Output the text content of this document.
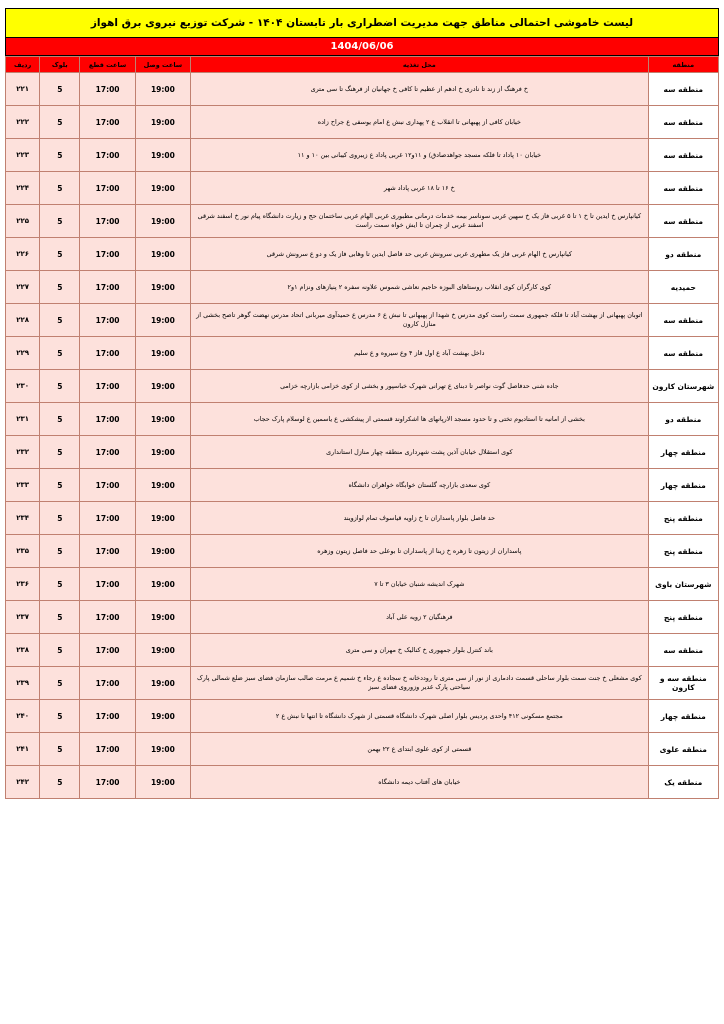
لیست خاموشی احتمالی مناطق جهت مدیریت اضطراری بار تابستان ۱۴۰۴ - شرکت توزیع نیروی برق اهواز
1404/06/06
منطقه	محل تغذیه	ساعت وصل	ساعت قطع	بلوک	ردیف
منطقه سه	خ فرهنگ از زند تا نادری خ ادهم از عظیم تا کافی خ جهانیان از فرهنگ تا سی متری	19:00	17:00	5	۲۲۱
منطقه سه	خیابان کافی از پهبهانی تا انقلاب ع ۲ پهداری نبش ع امام یوسفی ع جراح زاده	19:00	17:00	5	۲۲۲
منطقه سه	خیابان ۱۰ پاداد تا فلکه مسجد جواهدصادق) و ۱۱و۱۲ غربی پاداد ع زیبروی کیبانی بین ۱۰ و ۱۱	19:00	17:00	5	۲۲۳
منطقه سه	خ ۱۶ تا ۱۸ غربی پاداد شهر	19:00	17:00	5	۲۲۴
منطقه سه	کیانپارس خ ایدین تا خ ۱ تا ۵ غربی فاز یک خ سهین غربی سوناسر بیمه خدمات درمانی مطبوری غربی الهام غربی ساختمان حج و زیارت دانشگاه پیام نور خ اسفند شرقی اسفند غربی از چمران تا ایش خواه سمت راست	19:00	17:00	5	۲۲۵
منطقه دو	کیانپارس خ الهام غربی فاز یک مطهری غربی سرونش غربی حد فاصل ایدین تا وهابی فاز یک و دو ع سرونش شرقی	19:00	17:00	5	۲۲۶
حمیدیه	کوی کارگران کوی انقلاب روستاهای البوزه حاجیم نعاشی شموس علاونه سفره ۲ پنیازهای ونزام ۱و۲	19:00	17:00	5	۲۲۷
منطقه سه	اتوبان پهبهانی از بهشت آباد تا فلکه جمهوری سمت راست کوی مدرس خ شهدا از پهبهانی تا نبش ع ۶ مدرس ع حمیدآوی میربانی اتحاد مدرس نهضت گوهر تاصح بخشی از منازل کارون	19:00	17:00	5	۲۲۸
منطقه سه	داخل بهشت آباد ع اول فاز ۴ وع سیروه و ع سلیم	19:00	17:00	5	۲۲۹
شهرستان کارون	جاده شنی حدفاصل گوت نواصر تا دبنای ع تهرانی شهرک خباسپور و بخشی از کوی خزامی بازارچه خزامی	19:00	17:00	5	۲۳۰
منطقه دو	بخشی از امانیه تا استادیوم تختی و تا حدود مسجد الارپانهای ها اشکراوند قسمتی از پیشکشی ع یاسمین ع لوسلام پارک حجاب	19:00	17:00	5	۲۳۱
منطقه چهار	کوی استقلال خیابان آذین پشت شهرداری منطقه چهار منازل استانداری	19:00	17:00	5	۲۳۲
منطقه چهار	کوی سعدی بازارچه گلستان خوابگاه خواهران دانشگاه	19:00	17:00	5	۲۳۳
منطقه پنج	حد فاصل بلوار پاسداران تا خ زاویه قیاسوف تمام لوازویند	19:00	17:00	5	۲۳۴
منطقه پنج	پاسداران از زیتون تا زهره خ زینا از پاسداران تا بوعلی حد فاصل زیتون وزهره	19:00	17:00	5	۲۳۵
شهرستان باوی	شهرک اندیشه شنبان خیابان ۳ تا ۷	19:00	17:00	5	۲۳۶
منطقه پنج	فرهنگیان ۲ زویه علی آباد	19:00	17:00	5	۲۳۷
منطقه سه	باند کنترل بلوار جمهوری خ کنالیک خ مهران و سی متری	19:00	17:00	5	۲۳۸
منطقه سه و کارون	کوی مشعلی خ جنت سمت بلوار ساحلی قسمت دادماری از نور از سی متری تا روددخانه خ سجاده ع رجاء خ شمیم ع مرمت صالب سازمان فضای سبز ضلع شمالی پارک سیاحتی پارک غدیر وزوروی فضای سبز	19:00	17:00	5	۲۳۹
منطقه چهار	مجتمع مسکونی ۴۱۲ واحدی پردیس بلوار اصلی شهرک دانشگاه قسمتی از شهرک دانشگاه تا انتها تا نبش ع ۲	19:00	17:00	5	۲۴۰
منطقه علوی	قسمتی از کوی علوی ابتدای ع ۲۲ بهمن	19:00	17:00	5	۲۴۱
منطقه یک	خیابان های آفتاب دیمه دانشگاه	19:00	17:00	5	۲۴۲
